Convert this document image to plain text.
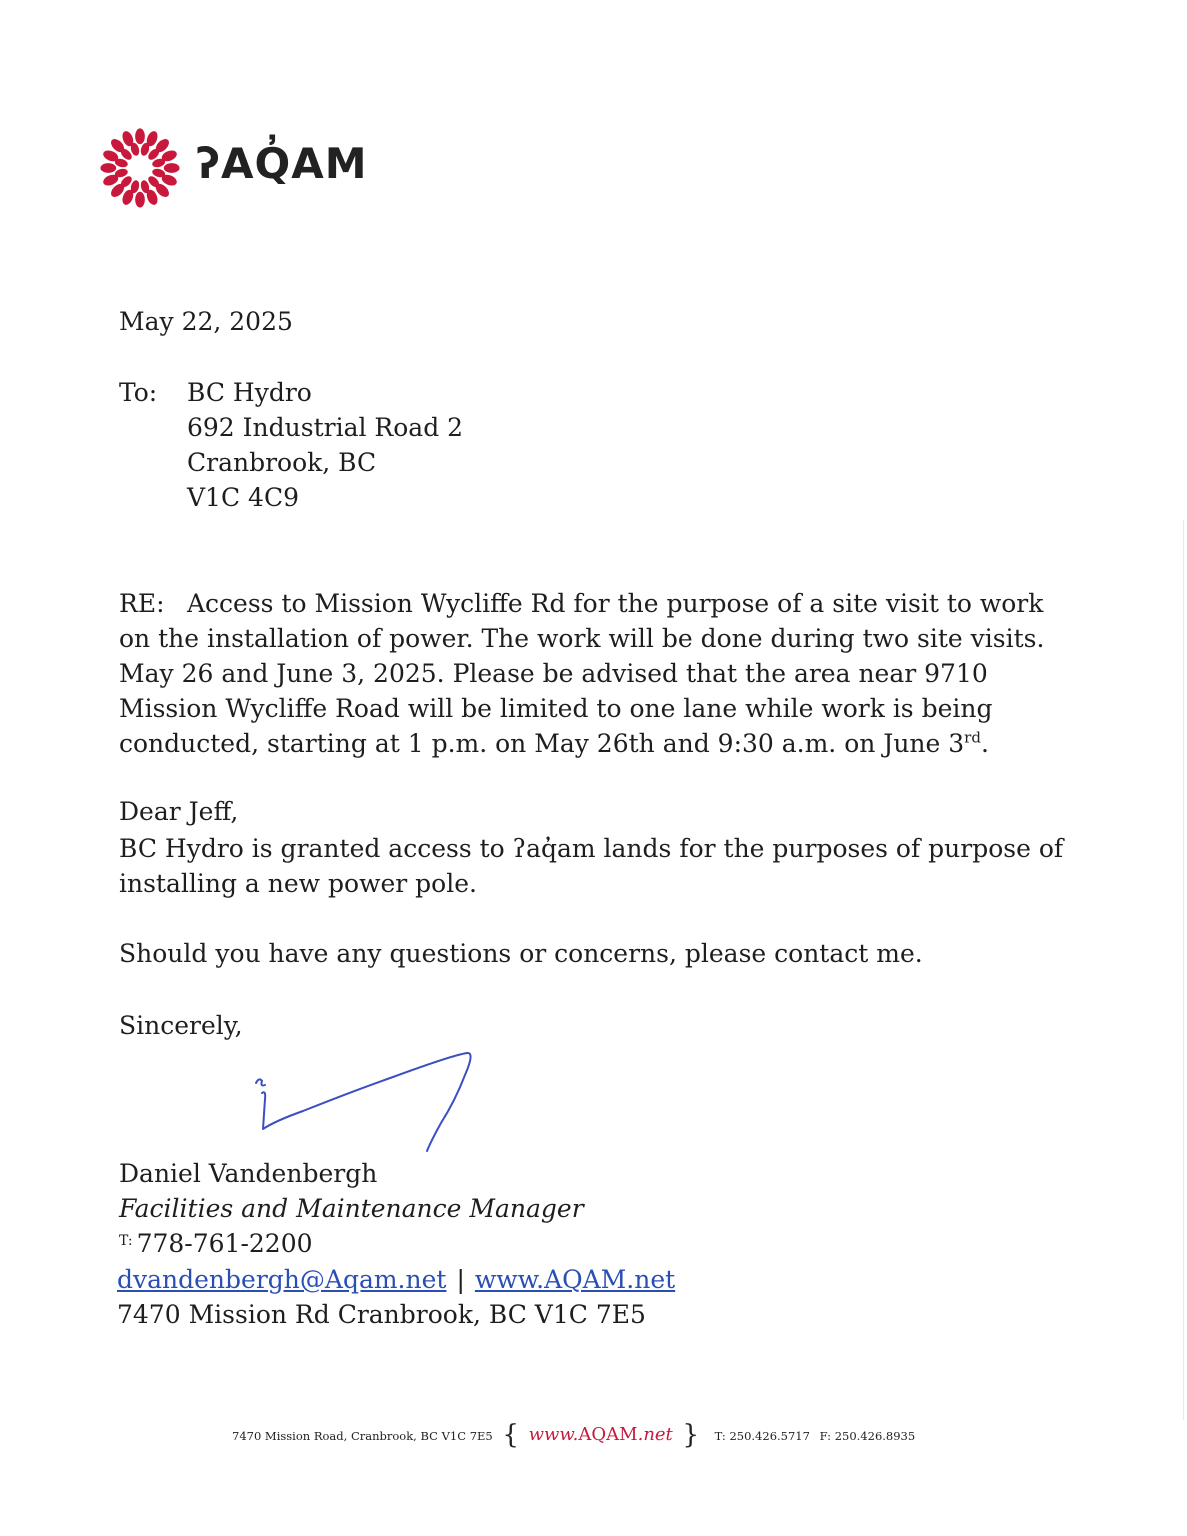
ʔAQ̓AM
May 22, 2025
To: BC Hydro
692 Industrial Road 2
Cranbrook, BC
V1C 4C9
RE: Access to Mission Wycliffe Rd for the purpose of a site visit to work
on the installation of power. The work will be done during two site visits.
May 26 and June 3, 2025. Please be advised that the area near 9710
Mission Wycliffe Road will be limited to one lane while work is being
conducted, starting at 1 p.m. on May 26th and 9:30 a.m. on June 3rd.
Dear Jeff,
BC Hydro is granted access to ʔaq̓am lands for the purposes of purpose of
installing a new power pole.
Should you have any questions or concerns, please contact me.
Sincerely,
Daniel Vandenbergh
Facilities and Maintenance Manager
$^{T:}$ 778-761-2200
dvandenbergh@Aqam.net | www.AQAM.net
7470 Mission Rd Cranbrook, BC V1C 7E5
7470 Mission Road, Cranbrook, BC V1C 7E5 { www.AQAM.net } T: 250.426.5717 F: 250.426.8935
